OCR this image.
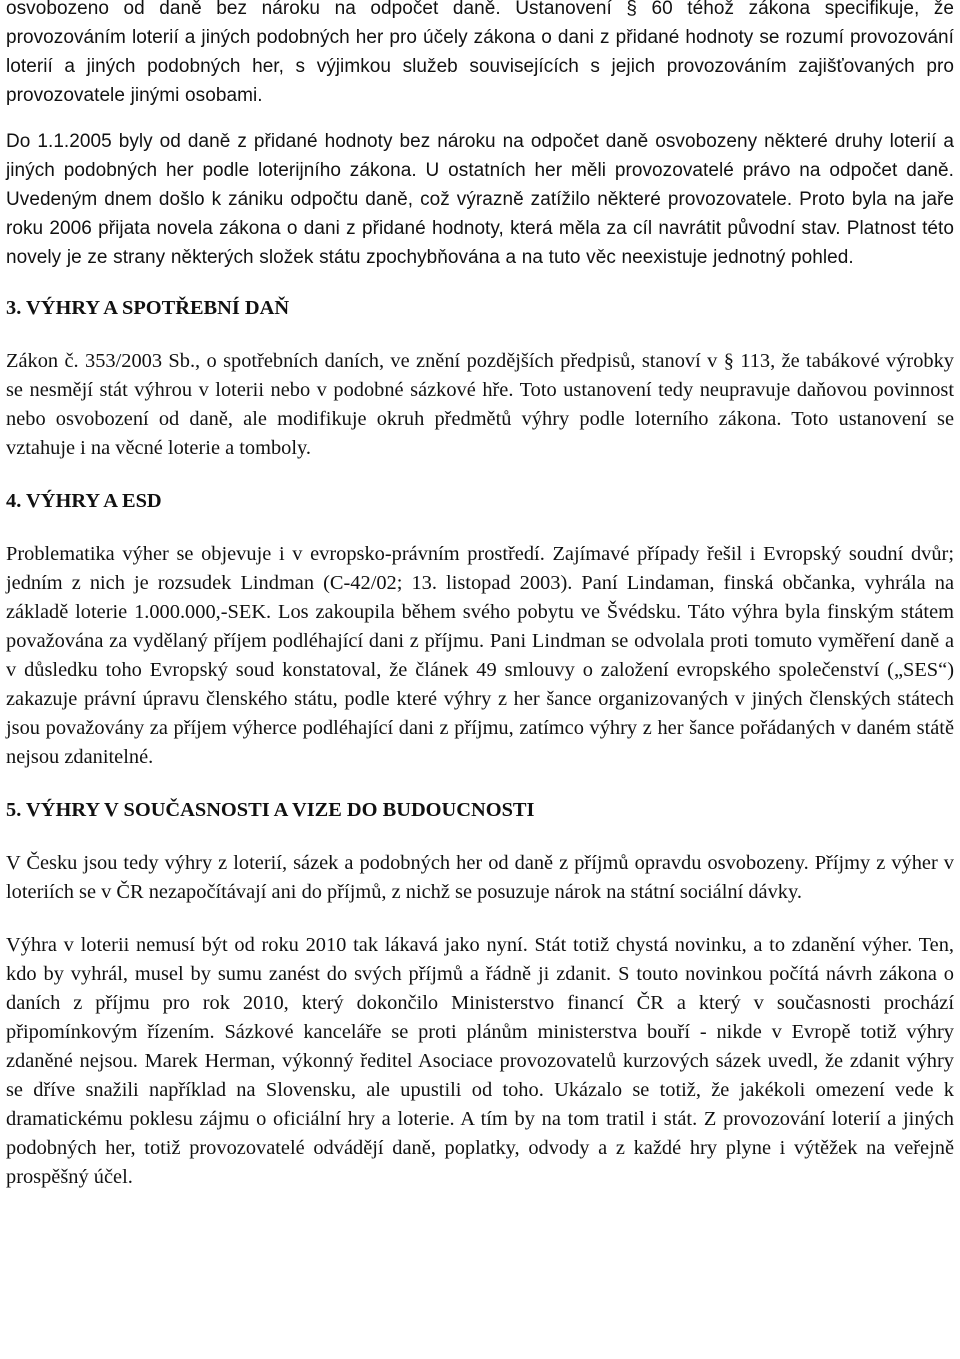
osvobozeno od daně bez nároku na odpočet daně. Ustanovení § 60 téhož zákona specifikuje, že provozováním loterií a jiných podobných her pro účely zákona o dani z přidané hodnoty se rozumí provozování loterií a jiných podobných her, s výjimkou služeb souvisejících s jejich provozováním zajišťovaných pro provozovatele jinými osobami.

Do 1.1.2005 byly od daně z přidané hodnoty bez nároku na odpočet daně osvobozeny některé druhy loterií a jiných podobných her podle loterijního zákona. U ostatních her měli provozovatelé právo na odpočet daně. Uvedeným dnem došlo k zániku odpočtu daně, což výrazně zatížilo některé provozovatele. Proto byla na jaře roku 2006 přijata novela zákona o dani z přidané hodnoty, která měla za cíl navrátit původní stav. Platnost této novely je ze strany některých složek státu zpochybňována a na tuto věc neexistuje jednotný pohled.

3. VÝHRY A SPOTŘEBNÍ DAŇ

Zákon č. 353/2003 Sb., o spotřebních daních, ve znění pozdějších předpisů, stanoví v § 113, že tabákové výrobky se nesmějí stát výhrou v loterii nebo v podobné sázkové hře. Toto ustanovení tedy neupravuje daňovou povinnost nebo osvobození od daně, ale modifikuje okruh předmětů výhry podle loterního zákona. Toto ustanovení se vztahuje i na věcné loterie a tomboly.

4. VÝHRY A ESD

Problematika výher se objevuje i v evropsko-právním prostředí. Zajímavé případy řešil i Evropský soudní dvůr; jedním z nich je rozsudek Lindman (C-42/02; 13. listopad 2003). Paní Lindaman, finská občanka, vyhrála na základě loterie 1.000.000,-SEK. Los zakoupila během svého pobytu ve Švédsku. Táto výhra byla finským státem považována za vydělaný příjem podléhající dani z příjmu. Pani Lindman se odvolala proti tomuto vyměření daně a v důsledku toho Evropský soud konstatoval, že článek 49 smlouvy o založení evropského společenství („SES“) zakazuje právní úpravu členského státu, podle které výhry z her šance organizovaných v jiných členských státech jsou považovány za příjem výherce podléhající dani z příjmu, zatímco výhry z her šance pořádaných v daném státě nejsou zdanitelné.

5. VÝHRY V SOUČASNOSTI A VIZE DO BUDOUCNOSTI

V Česku jsou tedy výhry z loterií, sázek a podobných her od daně z příjmů opravdu osvobozeny. Příjmy z výher v loteriích se v ČR nezapočítávají ani do příjmů, z nichž se posuzuje nárok na státní sociální dávky.

Výhra v loterii nemusí být od roku 2010 tak lákavá jako nyní. Stát totiž chystá novinku, a to zdanění výher. Ten, kdo by vyhrál, musel by sumu zanést do svých příjmů a řádně ji zdanit. S touto novinkou počítá návrh zákona o daních z příjmu pro rok 2010, který dokončilo Ministerstvo financí ČR a který v současnosti prochází připomínkovým řízením. Sázkové kanceláře se proti plánům ministerstva bouří - nikde v Evropě totiž výhry zdaněné nejsou. Marek Herman, výkonný ředitel Asociace provozovatelů kurzových sázek uvedl, že zdanit výhry se dříve snažili například na Slovensku, ale upustili od toho. Ukázalo se totiž, že jakékoli omezení vede k dramatickému poklesu zájmu o oficiální hry a loterie. A tím by na tom tratil i stát. Z provozování loterií a jiných podobných her, totiž provozovatelé odvádějí daně, poplatky, odvody a z každé hry plyne i výtěžek na veřejně prospěšný účel.
